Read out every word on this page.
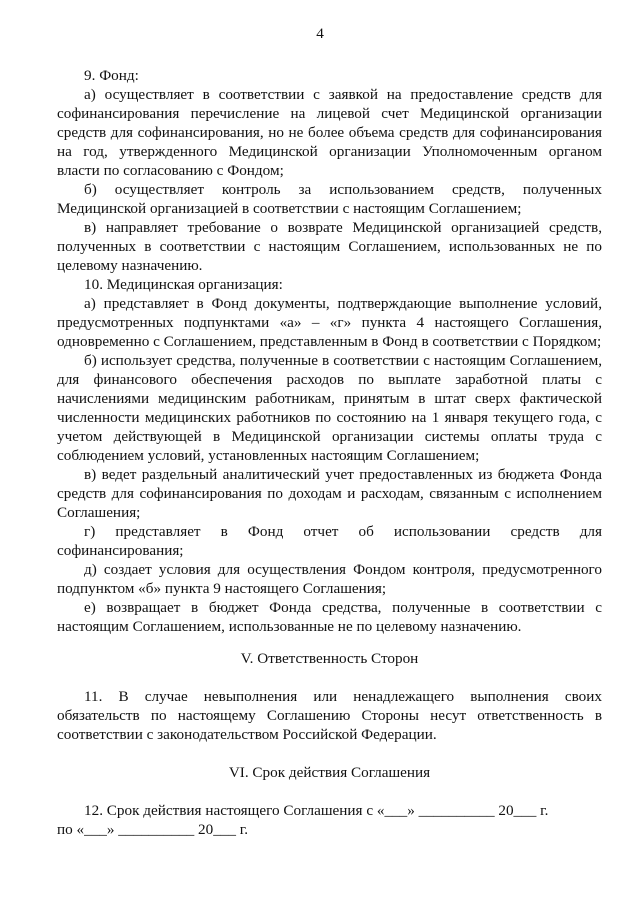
4

9. Фонд:

а) осуществляет в соответствии с заявкой на предоставление средств для софинансирования перечисление на лицевой счет Медицинской организации средств для софинансирования, но не более объема средств для софинансирования на год, утвержденного Медицинской организации Уполномоченным органом власти по согласованию с Фондом;

б) осуществляет контроль за использованием средств, полученных Медицинской организацией в соответствии с настоящим Соглашением;

в) направляет требование о возврате Медицинской организацией средств, полученных в соответствии с настоящим Соглашением, использованных не по целевому назначению.

10. Медицинская организация:

а) представляет в Фонд документы, подтверждающие выполнение условий, предусмотренных подпунктами «а» – «г» пункта 4 настоящего Соглашения, одновременно с Соглашением, представленным в Фонд в соответствии с Порядком;

б) использует средства, полученные в соответствии с настоящим Соглашением, для финансового обеспечения расходов по выплате заработной платы с начислениями медицинским работникам, принятым в штат сверх фактической численности медицинских работников по состоянию на 1 января текущего года, с учетом действующей в Медицинской организации системы оплаты труда с соблюдением условий, установленных настоящим Соглашением;

в) ведет раздельный аналитический учет предоставленных из бюджета Фонда средств для софинансирования по доходам и расходам, связанным с исполнением Соглашения;

г) представляет в Фонд отчет об использовании средств для софинансирования;

д) создает условия для осуществления Фондом контроля, предусмотренного подпунктом «б» пункта 9 настоящего Соглашения;

е) возвращает в бюджет Фонда средства, полученные в соответствии с настоящим Соглашением, использованные не по целевому назначению.

V. Ответственность Сторон

11. В случае невыполнения или ненадлежащего выполнения своих обязательств по настоящему Соглашению Стороны несут ответственность в соответствии с законодательством Российской Федерации.

VI. Срок действия Соглашения

12. Срок действия настоящего Соглашения с «___» __________ 20___ г.

по «___» __________ 20___ г.
